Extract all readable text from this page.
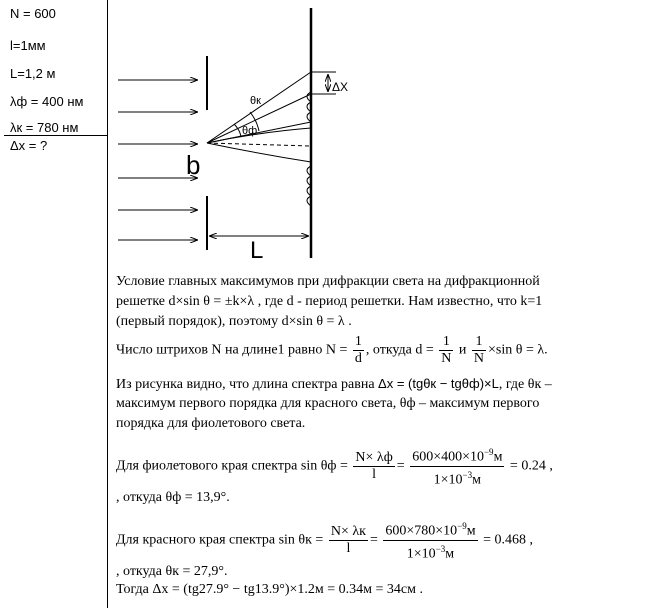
N = 600
l=1мм
L=1,2 м
λф = 400 нм
λк = 780 нм
Δx = ?
ΔX
θк
θф
b
L
Условие главных максимумов при дифракции света на дифракционной
решетке d×sin θ = ±k×λ , где d - период решетки. Нам известно, что k=1
(первый порядок), поэтому d×sin θ = λ .
Число штрихов N на длине1 равно $N = \frac{1}{d}$ , откуда $d = \frac{1}{N}$ и $\frac{1}{N} \times\sin$ θ = λ.
Из рисунка видно, что длина спектра равна Δx = (tgθк − tgθф)×L, где θк –
максимум первого порядка для красного света, θф – максимум первого
порядка для фиолетового света.
Для фиолетового края спектра $\sin \theta ф = \frac{N\times \lambda ф}{l} = \frac{600\times 400\times 10^{-9}м}{1\times 10^{-3}м} = 0.24$ ,
, откуда θф = 13,9°.
Для красного края спектра $\sin \theta к = \frac{N\times \lambda к}{l} = \frac{600\times 780\times 10^{-9}м}{1\times 10^{-3}м} = 0.468$ ,
, откуда θк = 27,9°.
Тогда Δx = (tg27.9° − tg13.9°)×1.2м = 0.34м = 34см .
